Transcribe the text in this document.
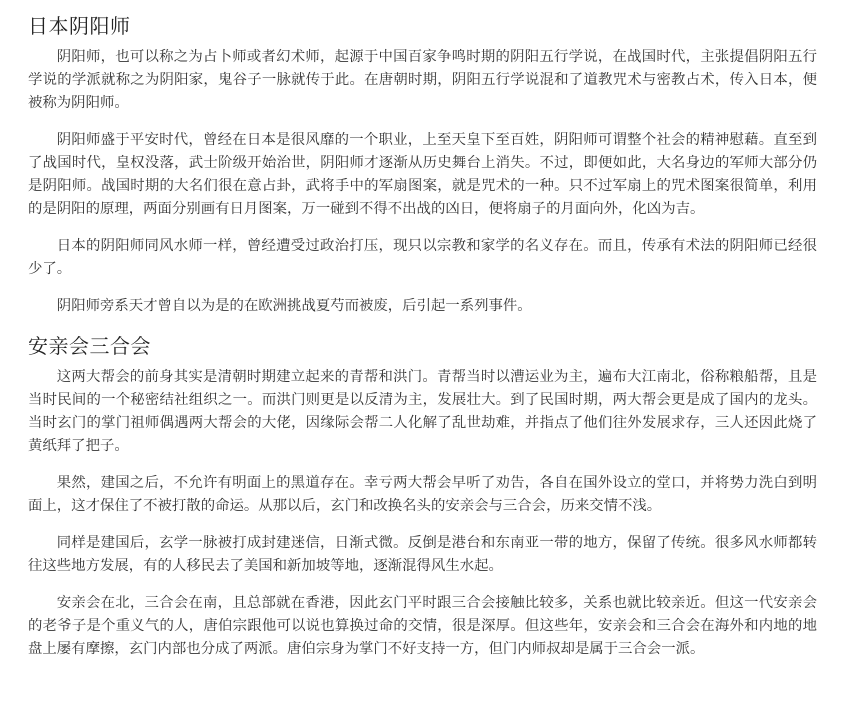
日本阴阳师

阴阳师，也可以称之为占卜师或者幻术师，起源于中国百家争鸣时期的阴阳五行学说，在战国时代，主张提倡阴阳五行学说的学派就称之为阴阳家，鬼谷子一脉就传于此。在唐朝时期，阴阳五行学说混和了道教咒术与密教占术，传入日本，便被称为阴阳师。

阴阳师盛于平安时代，曾经在日本是很风靡的一个职业，上至天皇下至百姓，阴阳师可谓整个社会的精神慰藉。直至到了战国时代，皇权没落，武士阶级开始治世，阴阳师才逐渐从历史舞台上消失。不过，即便如此，大名身边的军师大部分仍是阴阳师。战国时期的大名们很在意占卦，武将手中的军扇图案，就是咒术的一种。只不过军扇上的咒术图案很简单，利用的是阴阳的原理，两面分别画有日月图案，万一碰到不得不出战的凶日，便将扇子的月面向外，化凶为吉。

日本的阴阳师同风水师一样，曾经遭受过政治打压，现只以宗教和家学的名义存在。而且，传承有术法的阴阳师已经很少了。

阴阳师旁系天才曾自以为是的在欧洲挑战夏芍而被废，后引起一系列事件。

安亲会三合会

这两大帮会的前身其实是清朝时期建立起来的青帮和洪门。青帮当时以漕运业为主，遍布大江南北，俗称粮船帮，且是当时民间的一个秘密结社组织之一。而洪门则更是以反清为主，发展壮大。到了民国时期，两大帮会更是成了国内的龙头。当时玄门的掌门祖师偶遇两大帮会的大佬，因缘际会帮二人化解了乱世劫难，并指点了他们往外发展求存，三人还因此烧了黄纸拜了把子。

果然，建国之后，不允许有明面上的黑道存在。幸亏两大帮会早听了劝告，各自在国外设立的堂口，并将势力洗白到明面上，这才保住了不被打散的命运。从那以后，玄门和改换名头的安亲会与三合会，历来交情不浅。

同样是建国后，玄学一脉被打成封建迷信，日渐式微。反倒是港台和东南亚一带的地方，保留了传统。很多风水师都转往这些地方发展，有的人移民去了美国和新加坡等地，逐渐混得风生水起。

安亲会在北，三合会在南，且总部就在香港，因此玄门平时跟三合会接触比较多，关系也就比较亲近。但这一代安亲会的老爷子是个重义气的人，唐伯宗跟他可以说也算换过命的交情，很是深厚。但这些年，安亲会和三合会在海外和内地的地盘上屡有摩擦，玄门内部也分成了两派。唐伯宗身为掌门不好支持一方，但门内师叔却是属于三合会一派。
